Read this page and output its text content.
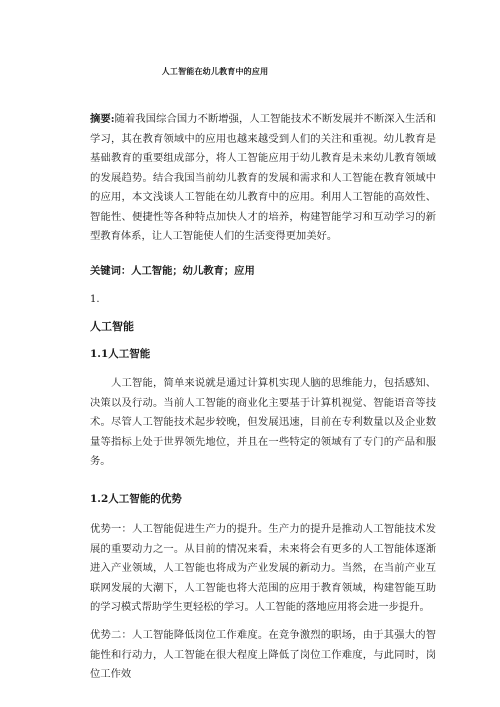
人工智能在幼儿教育中的应用
摘要:随着我国综合国力不断增强，人工智能技术不断发展并不断深入生活和学习，其在教育领域中的应用也越来越受到人们的关注和重视。幼儿教育是基础教育的重要组成部分，将人工智能应用于幼儿教育是未来幼儿教育领域的发展趋势。结合我国当前幼儿教育的发展和需求和人工智能在教育领域中的应用，本文浅谈人工智能在幼儿教育中的应用。利用人工智能的高效性、智能性、便捷性等各种特点加快人才的培养，构建智能学习和互动学习的新型教育体系，让人工智能使人们的生活变得更加美好。
关键词：人工智能；幼儿教育；应用
1.
人工智能
1.1人工智能
人工智能，简单来说就是通过计算机实现人脑的思维能力，包括感知、决策以及行动。当前人工智能的商业化主要基于计算机视觉、智能语音等技术。尽管人工智能技术起步较晚，但发展迅速，目前在专利数量以及企业数量等指标上处于世界领先地位，并且在一些特定的领域有了专门的产品和服务。
1.2人工智能的优势
优势一：人工智能促进生产力的提升。生产力的提升是推动人工智能技术发展的重要动力之一。从目前的情况来看，未来将会有更多的人工智能体逐渐进入产业领域，人工智能也将成为产业发展的新动力。当然，在当前产业互联网发展的大潮下，人工智能也将大范围的应用于教育领域，构建智能互助的学习模式帮助学生更轻松的学习。人工智能的落地应用将会进一步提升。
优势二：人工智能降低岗位工作难度。在竞争激烈的职场，由于其强大的智能性和行动力，人工智能在很大程度上降低了岗位工作难度，与此同时，岗位工作效
